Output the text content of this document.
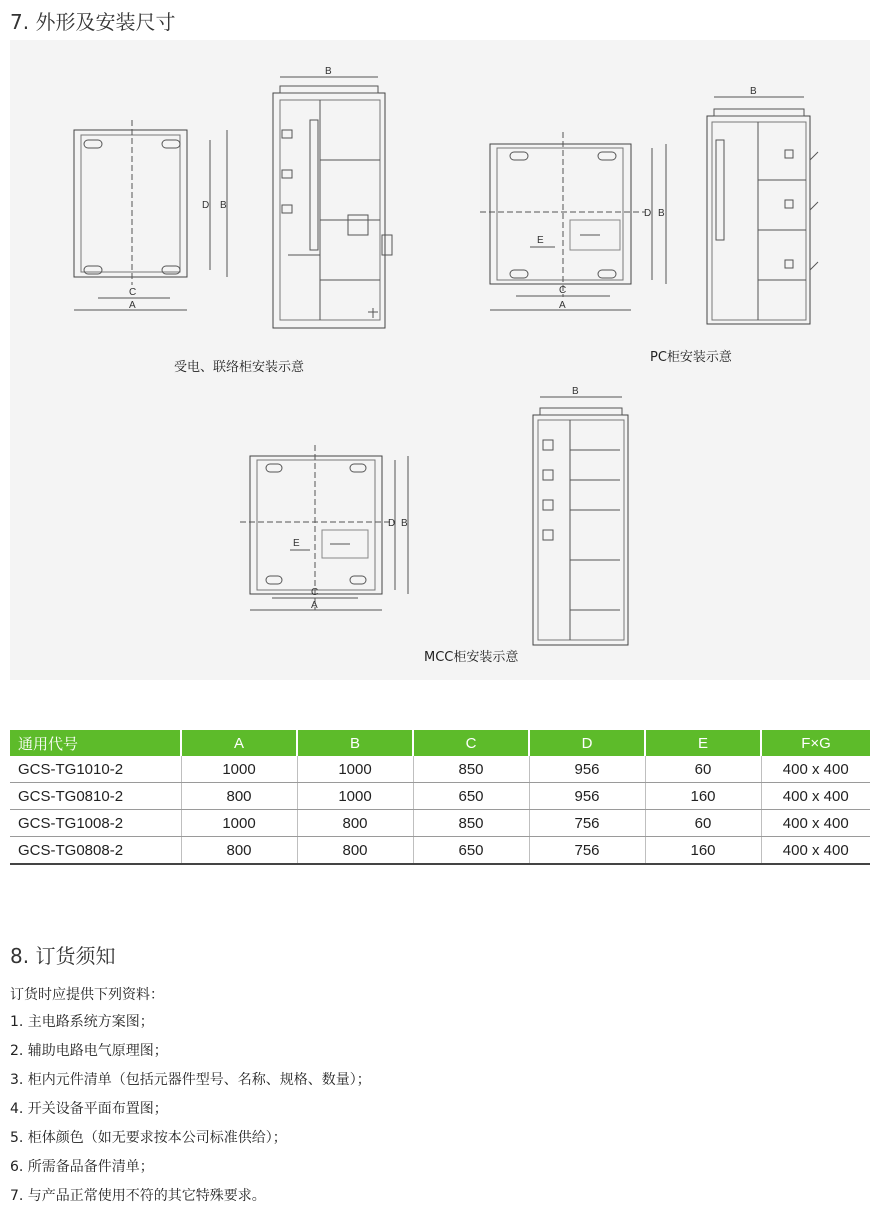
7. 外形及安装尺寸
B
C
A
D B
B
C
A
D B
E
B
C
A
D B
E
受电、联络柜安装示意
PC柜安装示意
MCC柜安装示意
通用代号	A	B	C	D	E	F×G
GCS-TG1010-2	1000	1000	850	956	60	400 x 400
GCS-TG0810-2	800	1000	650	956	160	400 x 400
GCS-TG1008-2	1000	800	850	756	60	400 x 400
GCS-TG0808-2	800	800	650	756	160	400 x 400
8. 订货须知
订货时应提供下列资料：
1. 主电路系统方案图；
2. 辅助电路电气原理图；
3. 柜内元件清单（包括元器件型号、名称、规格、数量）；
4. 开关设备平面布置图；
5. 柜体颜色（如无要求按本公司标准供给）；
6. 所需备品备件清单；
7. 与产品正常使用不符的其它特殊要求。
